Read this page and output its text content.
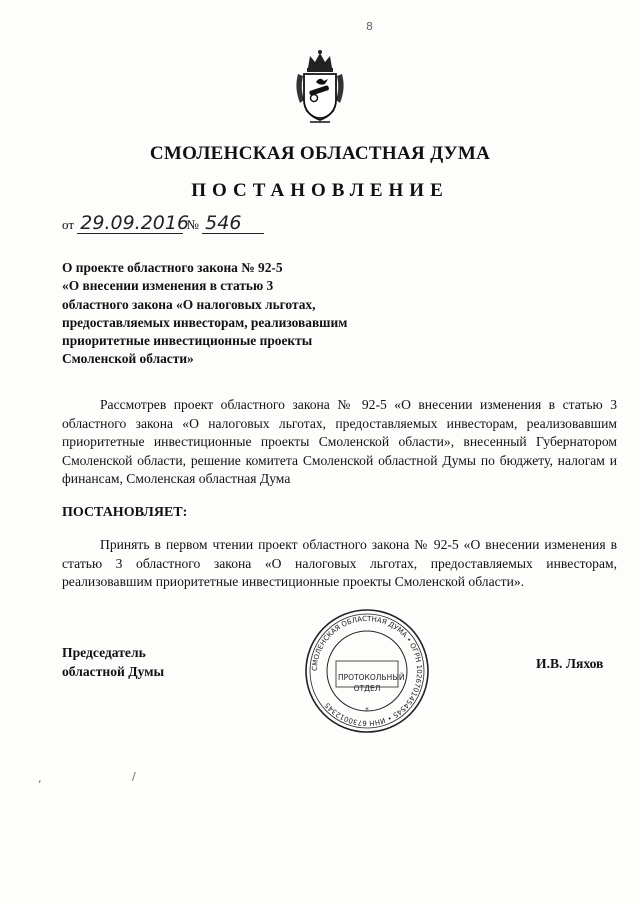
8
СМОЛЕНСКАЯ ОБЛАСТНАЯ ДУМА
ПОСТАНОВЛЕНИЕ
от 29.09.2016 № 546
О проекте областного закона № 92-5
«О внесении изменения в статью 3
областного закона «О налоговых льготах,
предоставляемых инвесторам, реализовавшим
приоритетные инвестиционные проекты
Смоленской области»
Рассмотрев проект областного закона № 92-5 «О внесении изменения в статью 3 областного закона «О налоговых льготах, предоставляемых инвесторам, реализовавшим приоритетные инвестиционные проекты Смоленской области», внесенный Губернатором Смоленской области, решение комитета Смоленской областной Думы по бюджету, налогам и финансам, Смоленская областная Дума
ПОСТАНОВЛЯЕТ:
Принять в первом чтении проект областного закона № 92-5 «О внесении изменения в статью 3 областного закона «О налоговых льготах, предоставляемых инвесторам, реализовавшим приоритетные инвестиционные проекты Смоленской области».
Председатель
областной Думы	СМОЛЕНСКАЯ ОБЛАСТНАЯ ДУМА • ОГРН 1026701454545 • ИНН 6730012345
*
ПРОТОКОЛЬНЫЙ
ОТДЕЛ
И.В. Ляхов
,	/
